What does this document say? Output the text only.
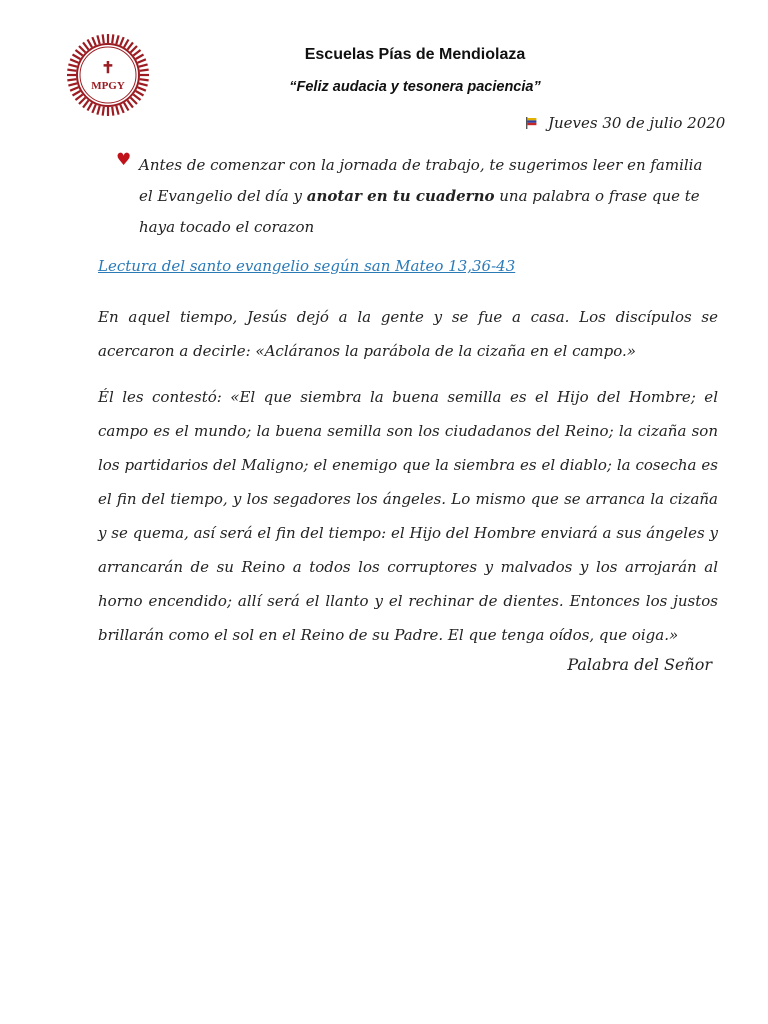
✝
MPGY
Escuelas Pías de Mendiolaza
“Feliz audacia y tesonera paciencia”
Jueves 30 de julio 2020
♥ Antes de comenzar con la jornada de trabajo, te sugerimos leer en familia el Evangelio del día y anotar en tu cuaderno una palabra o frase que te haya tocado el corazon

Lectura del santo evangelio según san Mateo 13,36-43

En aquel tiempo, Jesús dejó a la gente y se fue a casa. Los discípulos se acercaron a decirle: «Acláranos la parábola de la cizaña en el campo.»

Él les contestó: «El que siembra la buena semilla es el Hijo del Hombre; el campo es el mundo; la buena semilla son los ciudadanos del Reino; la cizaña son los partidarios del Maligno; el enemigo que la siembra es el diablo; la cosecha es el fin del tiempo, y los segadores los ángeles. Lo mismo que se arranca la cizaña y se quema, así será el fin del tiempo: el Hijo del Hombre enviará a sus ángeles y arrancarán de su Reino a todos los corruptores y malvados y los arrojarán al horno encendido; allí será el llanto y el rechinar de dientes. Entonces los justos brillarán como el sol en el Reino de su Padre. El que tenga oídos, que oiga.»

Palabra del Señor
